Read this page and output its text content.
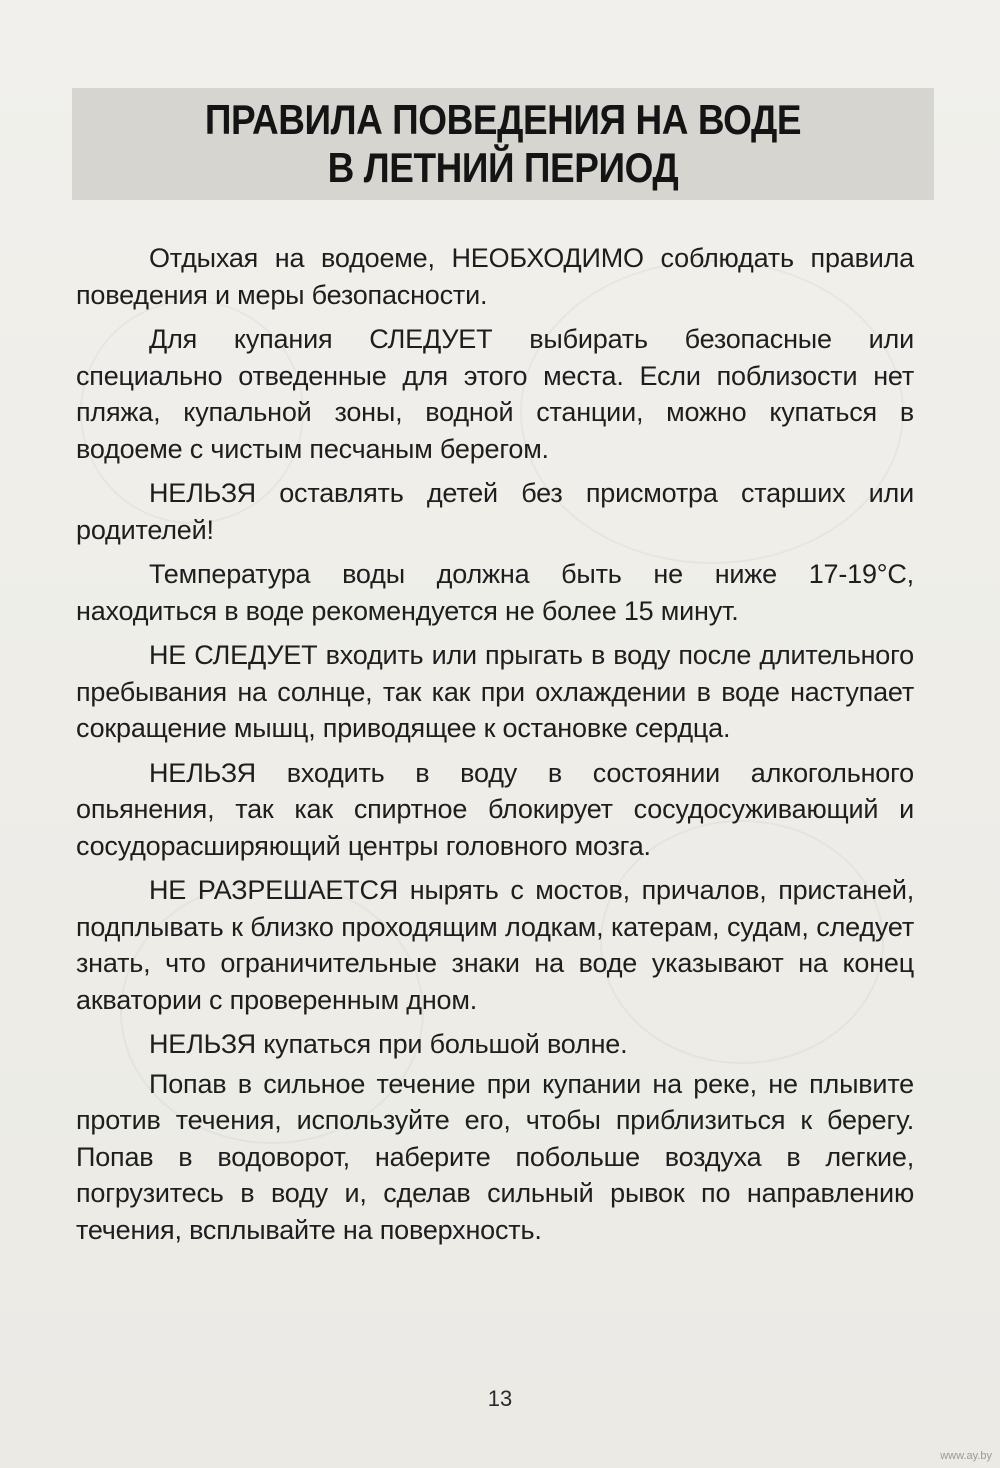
ПРАВИЛА ПОВЕДЕНИЯ НА ВОДЕ
В ЛЕТНИЙ ПЕРИОД

Отдыхая на водоеме, НЕОБХОДИМО соблюдать правила поведения и меры безопасности.

Для купания СЛЕДУЕТ выбирать безопасные или специально отведенные для этого места. Если поблизости нет пляжа, купальной зоны, водной станции, можно купаться в водоеме с чистым песчаным берегом.

НЕЛЬЗЯ оставлять детей без присмотра старших или родителей!

Температура воды должна быть не ниже 17-19°С, находиться в воде рекомендуется не более 15 минут.

НЕ СЛЕДУЕТ входить или прыгать в воду после длительного пребывания на солнце, так как при охлаждении в воде наступает сокращение мышц, приводящее к остановке сердца.

НЕЛЬЗЯ входить в воду в состоянии алкогольного опьянения, так как спиртное блокирует сосудосуживающий и сосудорасширяющий центры головного мозга.

НЕ РАЗРЕШАЕТСЯ нырять с мостов, причалов, пристаней, подплывать к близко проходящим лодкам, катерам, судам, следует знать, что ограничительные знаки на воде указывают на конец акватории с проверенным дном.

НЕЛЬЗЯ купаться при большой волне.

Попав в сильное течение при купании на реке, не плывите против течения, используйте его, чтобы приблизиться к берегу. Попав в водоворот, наберите побольше воздуха в легкие, погрузитесь в воду и, сделав сильный рывок по направлению течения, всплывайте на поверхность.

13
www.ay.by
